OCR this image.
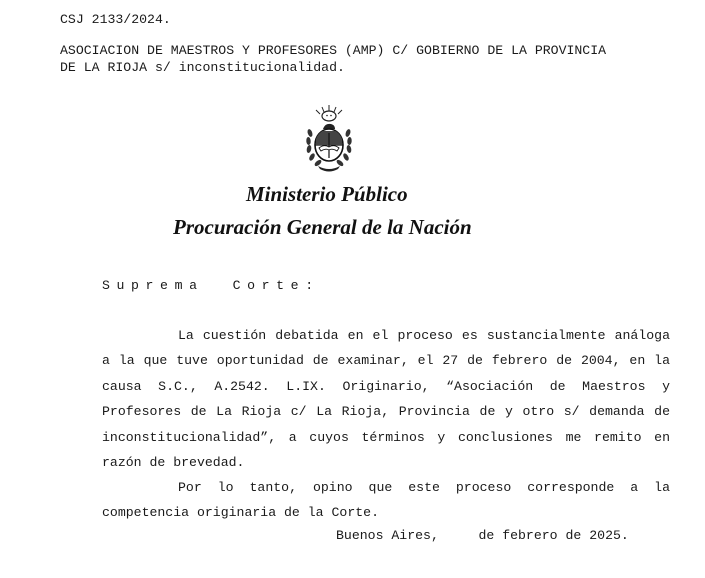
CSJ 2133/2024.
ASOCIACION DE MAESTROS Y PROFESORES (AMP) C/ GOBIERNO DE LA PROVINCIA
DE LA RIOJA s/ inconstitucionalidad.
Ministerio Público
Procuración General de la Nación
Suprema  Corte:
La cuestión debatida en el proceso es sustancialmente análoga a la que tuve oportunidad de examinar, el 27 de febrero de 2004, en la causa S.C., A.2542. L.IX. Originario, “Asociación de Maestros y Profesores de La Rioja c/ La Rioja, Provincia de y otro s/ demanda de inconstitucionalidad”, a cuyos términos y conclusiones me remito en razón de brevedad.
Por lo tanto, opino que este proceso corresponde a la competencia originaria de la Corte.
Buenos Aires,     de febrero de 2025.
